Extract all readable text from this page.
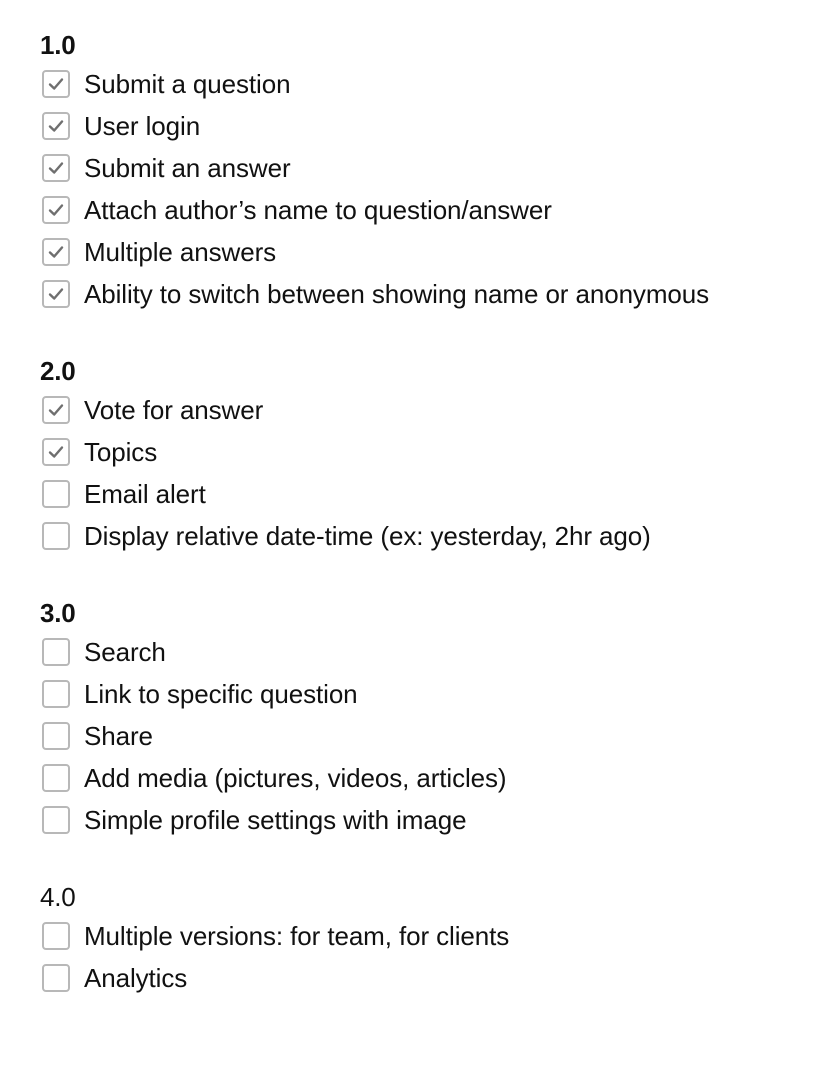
1.0
Submit a question
User login
Submit an answer
Attach author’s name to question/answer
Multiple answers
Ability to switch between showing name or anonymous
2.0
Vote for answer
Topics
Email alert
Display relative date-time (ex: yesterday, 2hr ago)
3.0
Search
Link to specific question
Share
Add media (pictures, videos, articles)
Simple profile settings with image
4.0
Multiple versions: for team, for clients
Analytics
